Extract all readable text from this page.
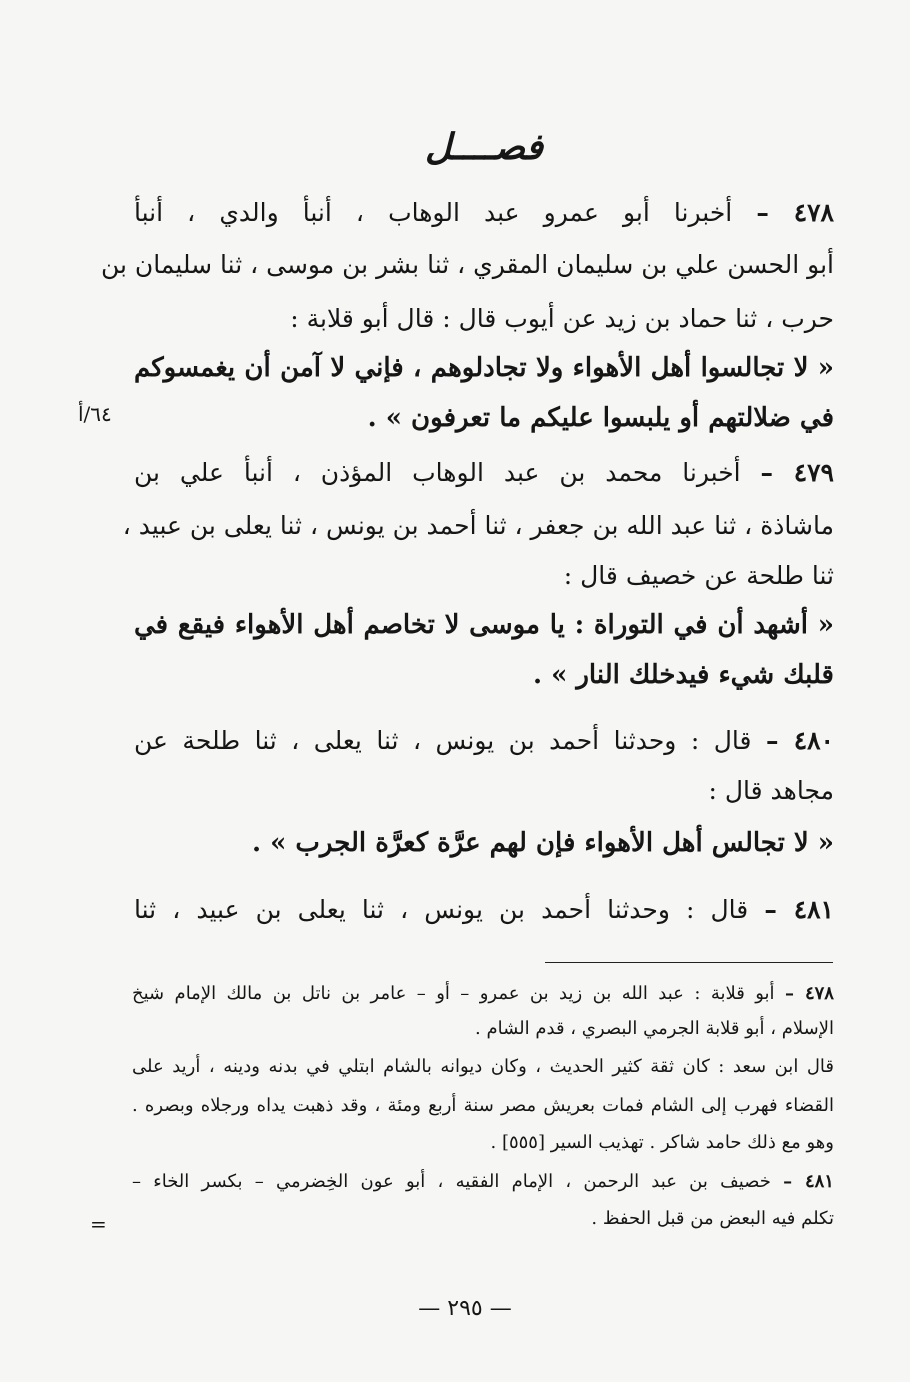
فصــــل
٦٤/أ
٤٧٨ – أخبرنا أبو عمرو عبد الوهاب ، أنبأ والدي ، أنبأ
أبو الحسن علي بن سليمان المقري ، ثنا بشر بن موسى ، ثنا سليمان بن
حرب ، ثنا حماد بن زيد عن أيوب قال : قال أبو قلابة :
« لا تجالسوا أهل الأهواء ولا تجادلوهم ، فإني لا آمن أن يغمسوكم
في ضلالتهم أو يلبسوا عليكم ما تعرفون » .
٤٧٩ – أخبرنا محمد بن عبد الوهاب المؤذن ، أنبأ علي بن
ماشاذة ، ثنا عبد الله بن جعفر ، ثنا أحمد بن يونس ، ثنا يعلى بن عبيد ،
ثنا طلحة عن خصيف قال :
« أشهد أن في التوراة : يا موسى لا تخاصم أهل الأهواء فيقع في
قلبك شيء فيدخلك النار » .
٤٨٠ – قال : وحدثنا أحمد بن يونس ، ثنا يعلى ، ثنا طلحة عن
مجاهد قال :
« لا تجالس أهل الأهواء فإن لهم عرَّة كعرَّة الجرب » .
٤٨١ – قال : وحدثنا أحمد بن يونس ، ثنا يعلى بن عبيد ، ثنا
٤٧٨ – أبو قلابة : عبد الله بن زيد بن عمرو – أو – عامر بن ناتل بن مالك الإمام شيخ
الإسلام ، أبو قلابة الجرمي البصري ، قدم الشام .
قال ابن سعد : كان ثقة كثير الحديث ، وكان ديوانه بالشام ابتلي في بدنه ودينه ، أريد على
القضاء فهرب إلى الشام فمات بعريش مصر سنة أربع ومئة ، وقد ذهبت يداه ورجلاه وبصره .
وهو مع ذلك حامد شاكر . تهذيب السير [٥٥٥] .
٤٨١ – خصيف بن عبد الرحمن ، الإمام الفقيه ، أبو عون الخِضرمي – بكسر الخاء –
تكلم فيه البعض من قبل الحفظ .
=
— ٢٩٥ —
